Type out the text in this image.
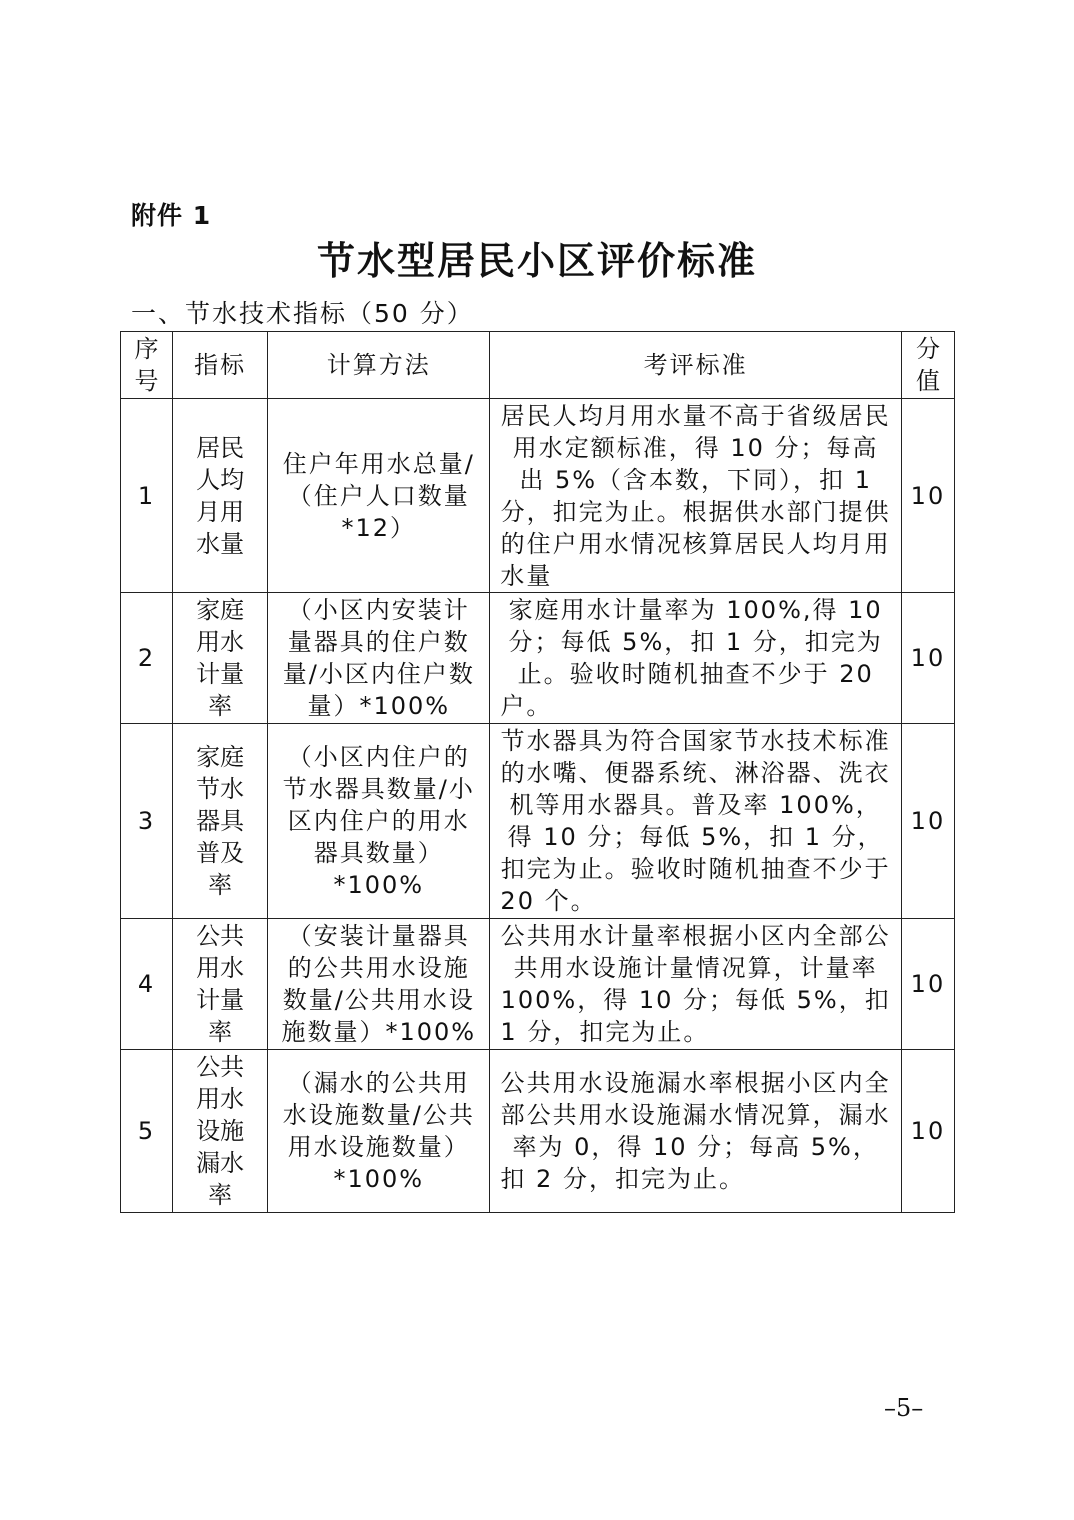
附件 1
节水型居民小区评价标准
一、节水技术指标（50 分）
序号	指标	计算方法	考评标准	分值
1	居民人均月用水量	住户年用水总量/（住户人口数量*12）	居民人均月用水量不高于省级居民用水定额标准，得 10 分；每高出 5%（含本数，下同），扣 1 分，扣完为止。根据供水部门提供的住户用水情况核算居民人均月用水量	10
2	家庭用水计量率	（小区内安装计量器具的住户数量/小区内住户数量）*100%	家庭用水计量率为 100%,得 10 分；每低 5%，扣 1 分，扣完为止。验收时随机抽查不少于 20 户。	10
3	家庭节水器具普及率	（小区内住户的节水器具数量/小区内住户的用水器具数量）*100%	节水器具为符合国家节水技术标准的水嘴、便器系统、淋浴器、洗衣机等用水器具。普及率 100%，得 10 分；每低 5%，扣 1 分，扣完为止。验收时随机抽查不少于 20 个。	10
4	公共用水计量率	（安装计量器具的公共用水设施数量/公共用水设施数量）*100%	公共用水计量率根据小区内全部公共用水设施计量情况算，计量率 100%，得 10 分；每低 5%，扣 1 分，扣完为止。	10
5	公共用水设施漏水率	（漏水的公共用水设施数量/公共用水设施数量）*100%	公共用水设施漏水率根据小区内全部公共用水设施漏水情况算，漏水率为 0，得 10 分；每高 5%，扣 2 分，扣完为止。	10
–5–
